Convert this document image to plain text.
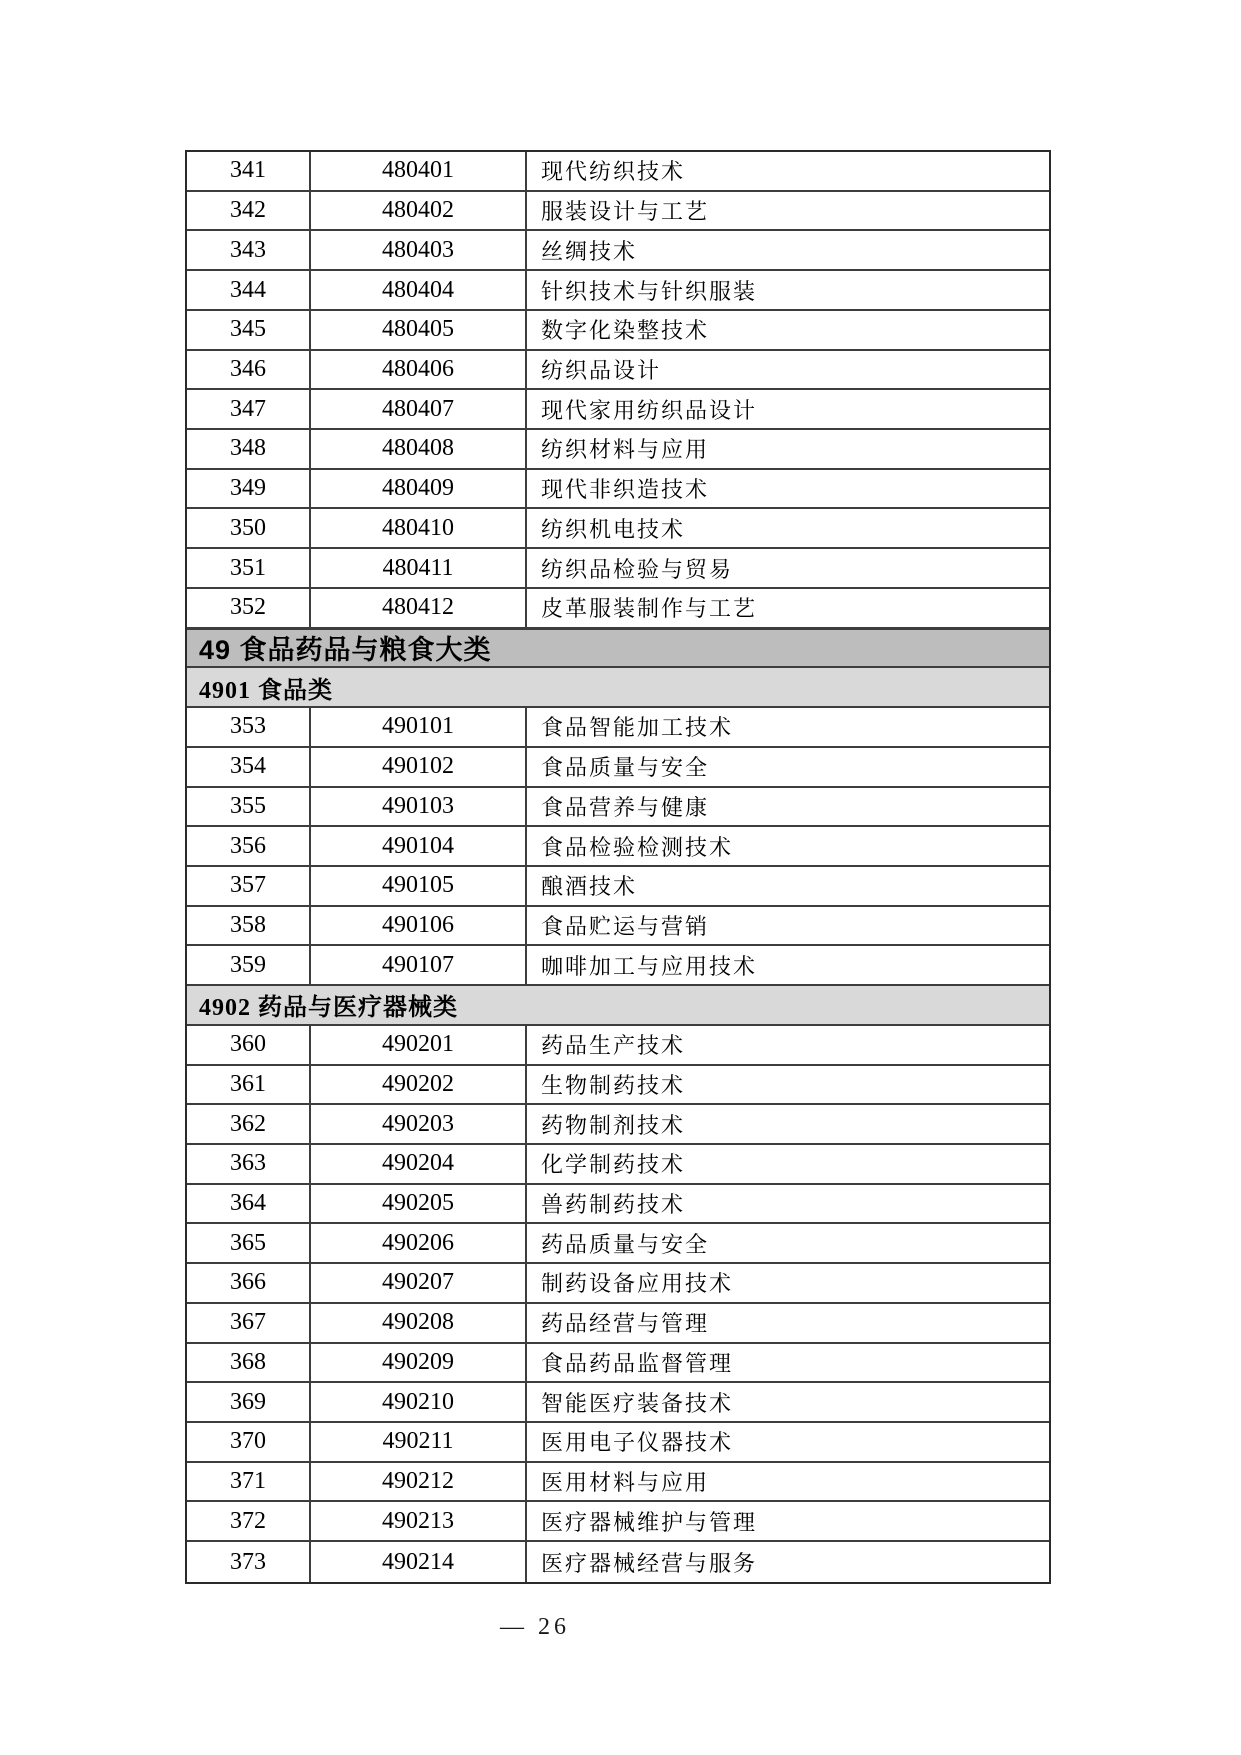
341	480401	现代纺织技术
342	480402	服装设计与工艺
343	480403	丝绸技术
344	480404	针织技术与针织服装
345	480405	数字化染整技术
346	480406	纺织品设计
347	480407	现代家用纺织品设计
348	480408	纺织材料与应用
349	480409	现代非织造技术
350	480410	纺织机电技术
351	480411	纺织品检验与贸易
352	480412	皮革服装制作与工艺
49 食品药品与粮食大类
4901 食品类
353	490101	食品智能加工技术
354	490102	食品质量与安全
355	490103	食品营养与健康
356	490104	食品检验检测技术
357	490105	酿酒技术
358	490106	食品贮运与营销
359	490107	咖啡加工与应用技术
4902 药品与医疗器械类
360	490201	药品生产技术
361	490202	生物制药技术
362	490203	药物制剂技术
363	490204	化学制药技术
364	490205	兽药制药技术
365	490206	药品质量与安全
366	490207	制药设备应用技术
367	490208	药品经营与管理
368	490209	食品药品监督管理
369	490210	智能医疗装备技术
370	490211	医用电子仪器技术
371	490212	医用材料与应用
372	490213	医疗器械维护与管理
373	490214	医疗器械经营与服务
— 26
